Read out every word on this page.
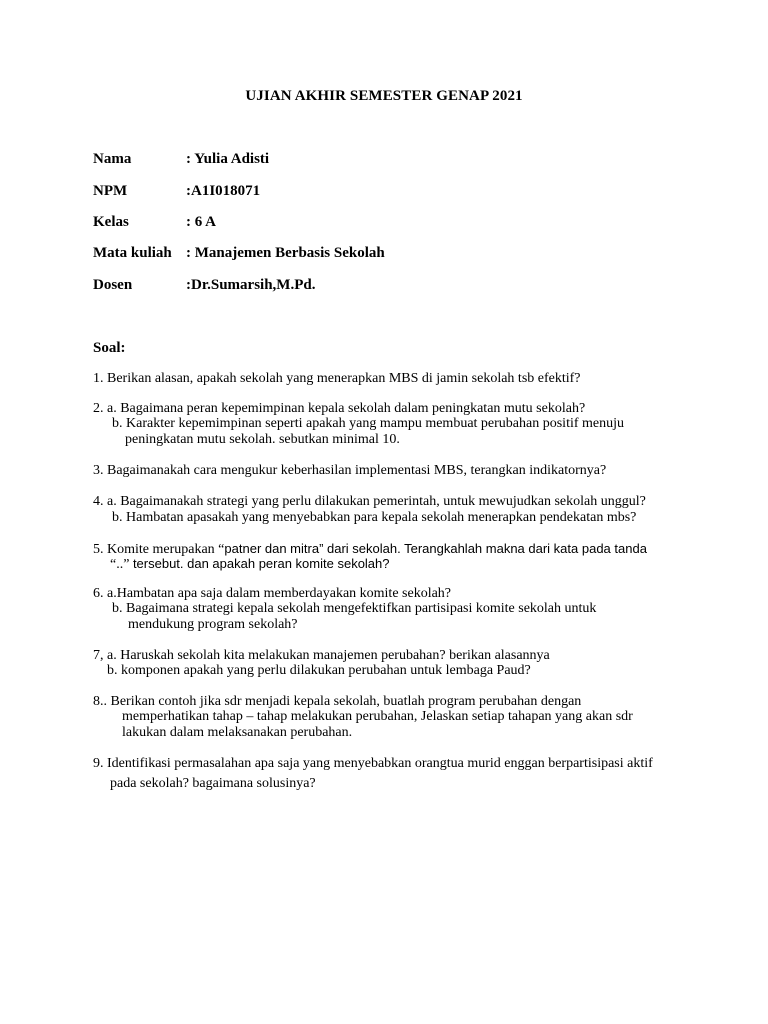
UJIAN AKHIR SEMESTER GENAP 2021
Nama	: Yulia Adisti
NPM	:A1I018071
Kelas	: 6 A
Mata kuliah : Manajemen Berbasis Sekolah
Dosen	:Dr.Sumarsih,M.Pd.
Soal:
1. Berikan alasan, apakah sekolah yang menerapkan MBS di jamin sekolah tsb efektif?
2. a. Bagaimana peran kepemimpinan kepala sekolah dalam peningkatan mutu sekolah?
b. Karakter kepemimpinan seperti apakah yang mampu membuat perubahan positif menuju
peningkatan mutu sekolah. sebutkan minimal 10.
3. Bagaimanakah cara mengukur keberhasilan implementasi MBS, terangkan indikatornya?
4. a. Bagaimanakah strategi yang perlu dilakukan pemerintah, untuk mewujudkan sekolah unggul?
b. Hambatan apasakah yang menyebabkan para kepala sekolah menerapkan pendekatan mbs?
5. Komite merupakan “patner dan mitra” dari sekolah. Terangkahlah makna dari kata pada tanda
“..” tersebut. dan apakah peran komite sekolah?
6. a.Hambatan apa saja dalam memberdayakan komite sekolah?
b. Bagaimana strategi kepala sekolah mengefektifkan partisipasi komite sekolah untuk
mendukung program sekolah?
7, a. Haruskah sekolah kita melakukan manajemen perubahan? berikan alasannya
b. komponen apakah yang perlu dilakukan perubahan untuk lembaga Paud?
8.. Berikan contoh jika sdr menjadi kepala sekolah, buatlah program perubahan dengan
memperhatikan tahap – tahap melakukan perubahan, Jelaskan setiap tahapan yang akan sdr
lakukan dalam melaksanakan perubahan.
9. Identifikasi permasalahan apa saja yang menyebabkan orangtua murid enggan berpartisipasi aktif
pada sekolah? bagaimana solusinya?
